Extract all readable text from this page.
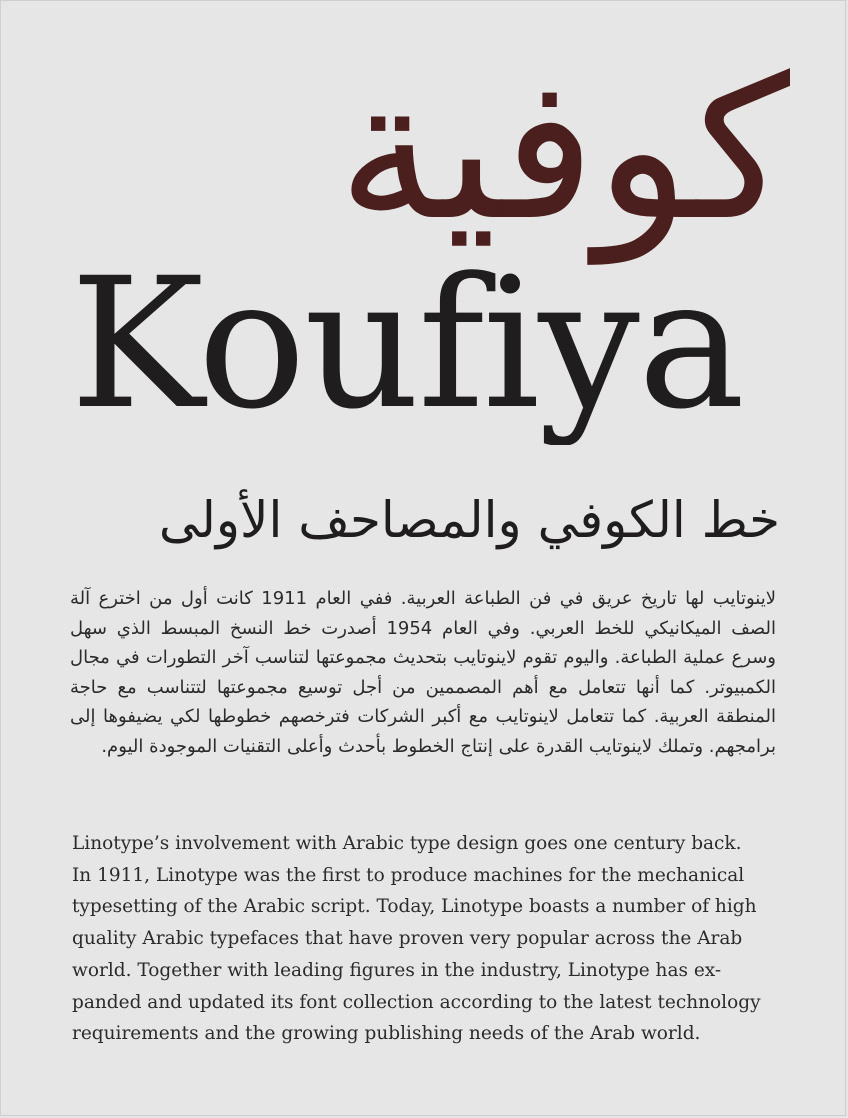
كوفية
Koufiya
خط الكوفي والمصاحف الأولى
لاينوتايب لها تاريخ عريق في فن الطباعة العربية. ففي العام 1911 كانت أول من اخترع آلة الصف الميكانيكي للخط العربي. وفي العام 1954 أصدرت خط النسخ المبسط الذي سهل وسرع عملية الطباعة. واليوم تقوم لاينوتايب بتحديث مجموعتها لتناسب آخر التطورات في مجال الكمبيوتر. كما أنها تتعامل مع أهم المصممين من أجل توسيع مجموعتها لتتناسب مع حاجة المنطقة العربية. كما تتعامل لاينوتايب مع أكبر الشركات فترخصهم خطوطها لكي يضيفوها إلى برامجهم. وتملك لاينوتايب القدرة على إنتاج الخطوط بأحدث وأعلى التقنيات الموجودة اليوم.
Linotype’s involvement with Arabic type design goes one century back.
In 1911, Linotype was the first to produce machines for the mechanical
typesetting of the Arabic script. Today, Linotype boasts a number of high
quality Arabic typefaces that have proven very popular across the Arab
world. Together with leading figures in the industry, Linotype has ex-
panded and updated its font collection according to the latest technology
requirements and the growing publishing needs of the Arab world.
